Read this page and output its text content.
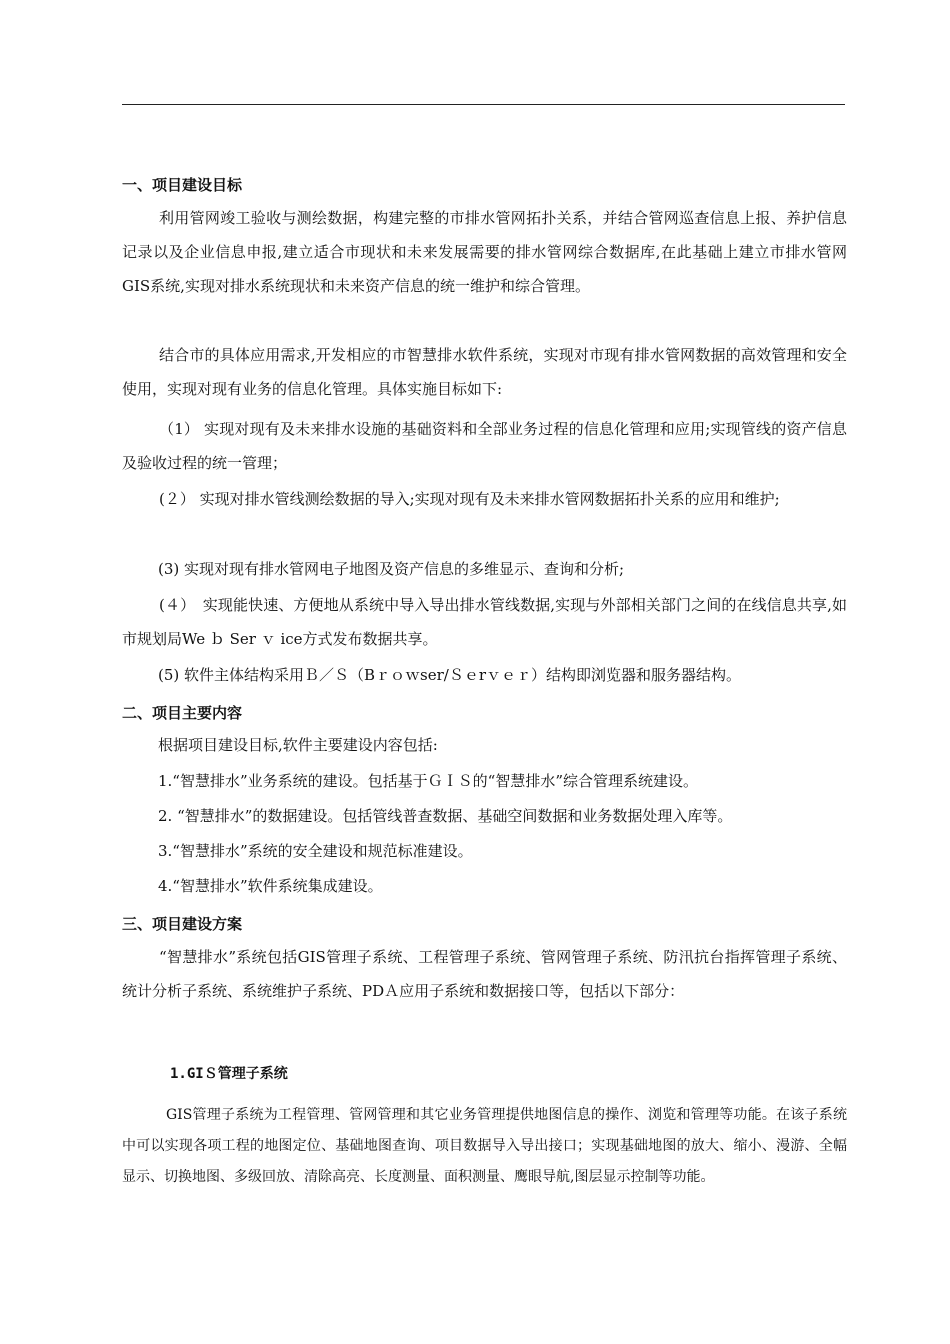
一、项目建设目标
利用管网竣工验收与测绘数据，构建完整的市排水管网拓扑关系，并结合管网巡查信息上报、养护信息记录以及企业信息申报,建立适合市现状和未来发展需要的排水管网综合数据库,在此基础上建立市排水管网GIS系统,实现对排水系统现状和未来资产信息的统一维护和综合管理。
结合市的具体应用需求,开发相应的市智慧排水软件系统，实现对市现有排水管网数据的高效管理和安全使用，实现对现有业务的信息化管理。具体实施目标如下:
（1） 实现对现有及未来排水设施的基础资料和全部业务过程的信息化管理和应用;实现管线的资产信息及验收过程的统一管理；
(２） 实现对排水管线测绘数据的导入;实现对现有及未来排水管网数据拓扑关系的应用和维护;
(3) 实现对现有排水管网电子地图及资产信息的多维显示、查询和分析;
(４）　实现能快速、方便地从系统中导入导出排水管线数据,实现与外部相关部门之间的在线信息共享,如市规划局We ｂ Ser ｖ ice方式发布数据共享。
(5) 软件主体结构采用Ｂ／Ｓ（Bｒｏｗser/Ｓｅrｖｅｒ）结构即浏览器和服务器结构。
二、项目主要内容
根据项目建设目标,软件主要建设内容包括:
1.“智慧排水”业务系统的建设。包括基于ＧＩＳ的“智慧排水”综合管理系统建设。
2. “智慧排水”的数据建设。包括管线普查数据、基础空间数据和业务数据处理入库等。
3.“智慧排水”系统的安全建设和规范标准建设。
4.“智慧排水”软件系统集成建设。
三、项目建设方案
“智慧排水”系统包括GIS管理子系统、工程管理子系统、管网管理子系统、防汛抗台指挥管理子系统、统计分析子系统、系统维护子系统、PDＡ应用子系统和数据接口等，包括以下部分：
1.GIＳ管理子系统
GIS管理子系统为工程管理、管网管理和其它业务管理提供地图信息的操作、浏览和管理等功能。在该子系统中可以实现各项工程的地图定位、基础地图查询、项目数据导入导出接口；实现基础地图的放大、缩小、漫游、全幅显示、切换地图、多级回放、清除高亮、长度测量、面积测量、鹰眼导航,图层显示控制等功能。
